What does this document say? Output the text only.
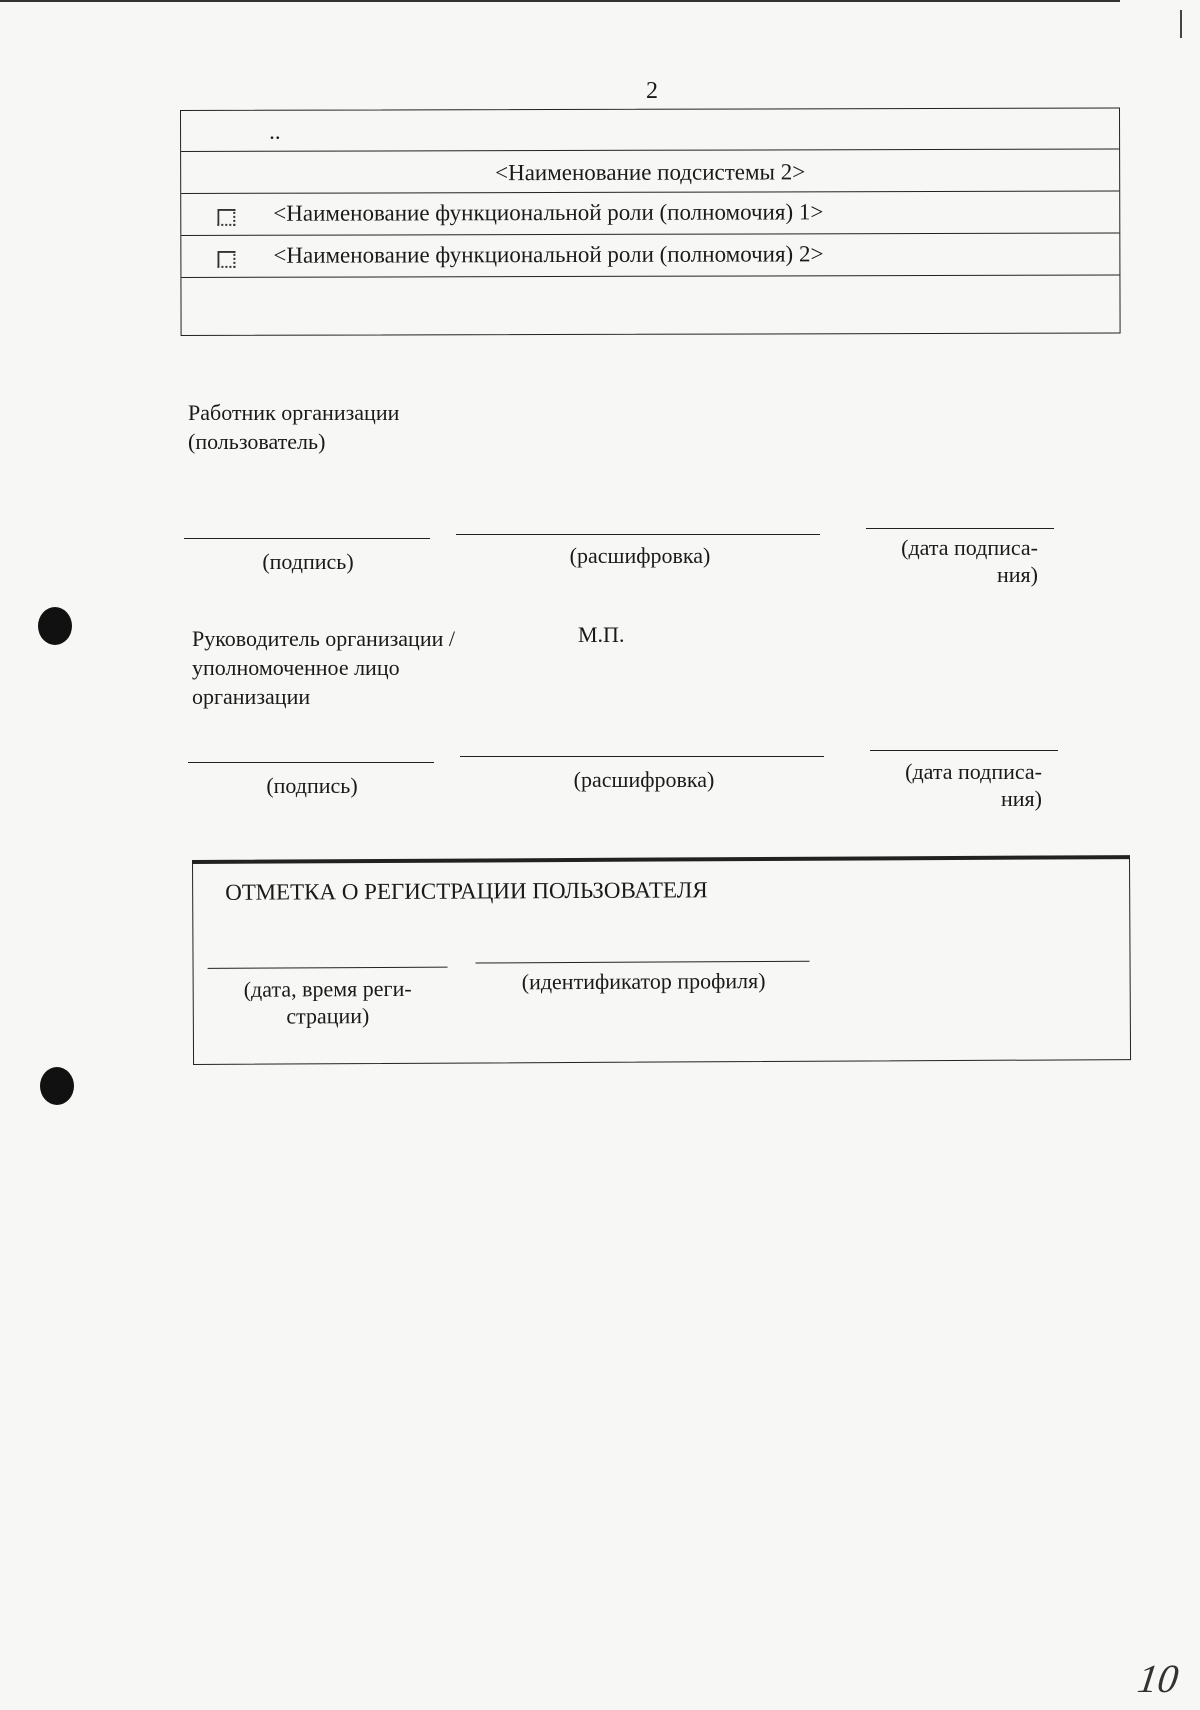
2
..
<Наименование подсистемы 2>
<Наименование функциональной роли (полномочия) 1>
<Наименование функциональной роли (полномочия) 2>
Работник организации (пользователь)
(подпись)	(расшифровка)	(дата подписа-ния)
Руководитель организации /уполномоченное лицо организации
М.П.
(подпись)	(расшифровка)	(дата подписа-ния)
ОТМЕТКА О РЕГИСТРАЦИИ ПОЛЬЗОВАТЕЛЯ
(дата, время реги-страции)
(идентификатор профиля)
10
